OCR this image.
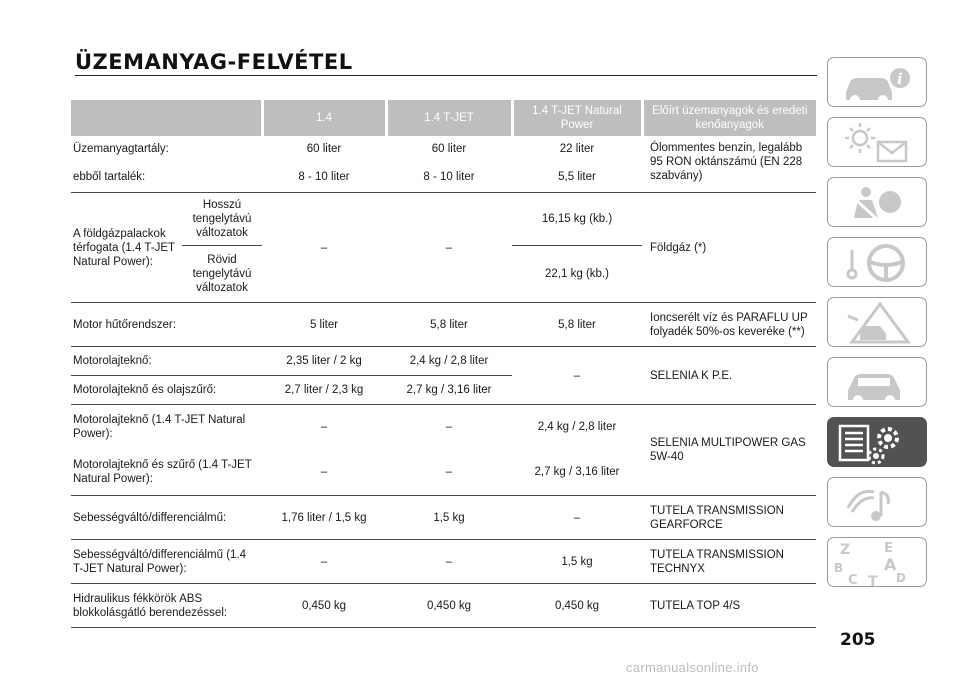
ÜZEMANYAG-FELVÉTEL
		1.4	1.4 T-JET	1.4 T-JET Natural Power	Előírt üzemanyagok és eredeti kenőanyagok
Üzemanyagtartály:		60 liter	60 liter	22 liter	Ólommentes benzin, legalább 95 RON oktánszámú (EN 228 szabvány)
ebből tartalék:		8 - 10 liter	8 - 10 liter	5,5 liter	
A földgázpalackok térfogata (1.4 T-JET Natural Power):	Hosszú tengelytávú változatok	–	–	16,15 kg (kb.)	Földgáz (*)
	Rövid tengelytávú változatok			22,1 kg (kb.)	
Motor hűtőrendszer:		5 liter	5,8 liter	5,8 liter	Ioncserélt víz és PARAFLU UP folyadék 50%-os keveréke (**)
Motorolajteknő:		2,35 liter / 2 kg	2,4 kg / 2,8 liter	–	SELENIA K P.E.
Motorolajteknő és olajszűrő:		2,7 liter / 2,3 kg	2,7 kg / 3,16 liter		
Motorolajteknő (1.4 T-JET Natural Power):		–	–	2,4 kg / 2,8 liter	SELENIA MULTIPOWER GAS 5W-40
Motorolajteknő és szűrő (1.4 T-JET Natural Power):		–	–	2,7 kg / 3,16 liter	
Sebességváltó/differenciálmű:		1,76 liter / 1,5 kg	1,5 kg	–	TUTELA TRANSMISSION GEARFORCE
Sebességváltó/differenciálmű (1.4 T-JET Natural Power):		–	–	1,5 kg	TUTELA TRANSMISSION TECHNYX
Hidraulikus fékkörök ABS blokkolásgátló berendezéssel:		0,450 kg	0,450 kg	0,450 kg	TUTELA TOP 4/S
i
Z	E
B	A
C T D
205
carmanualsonline.info
